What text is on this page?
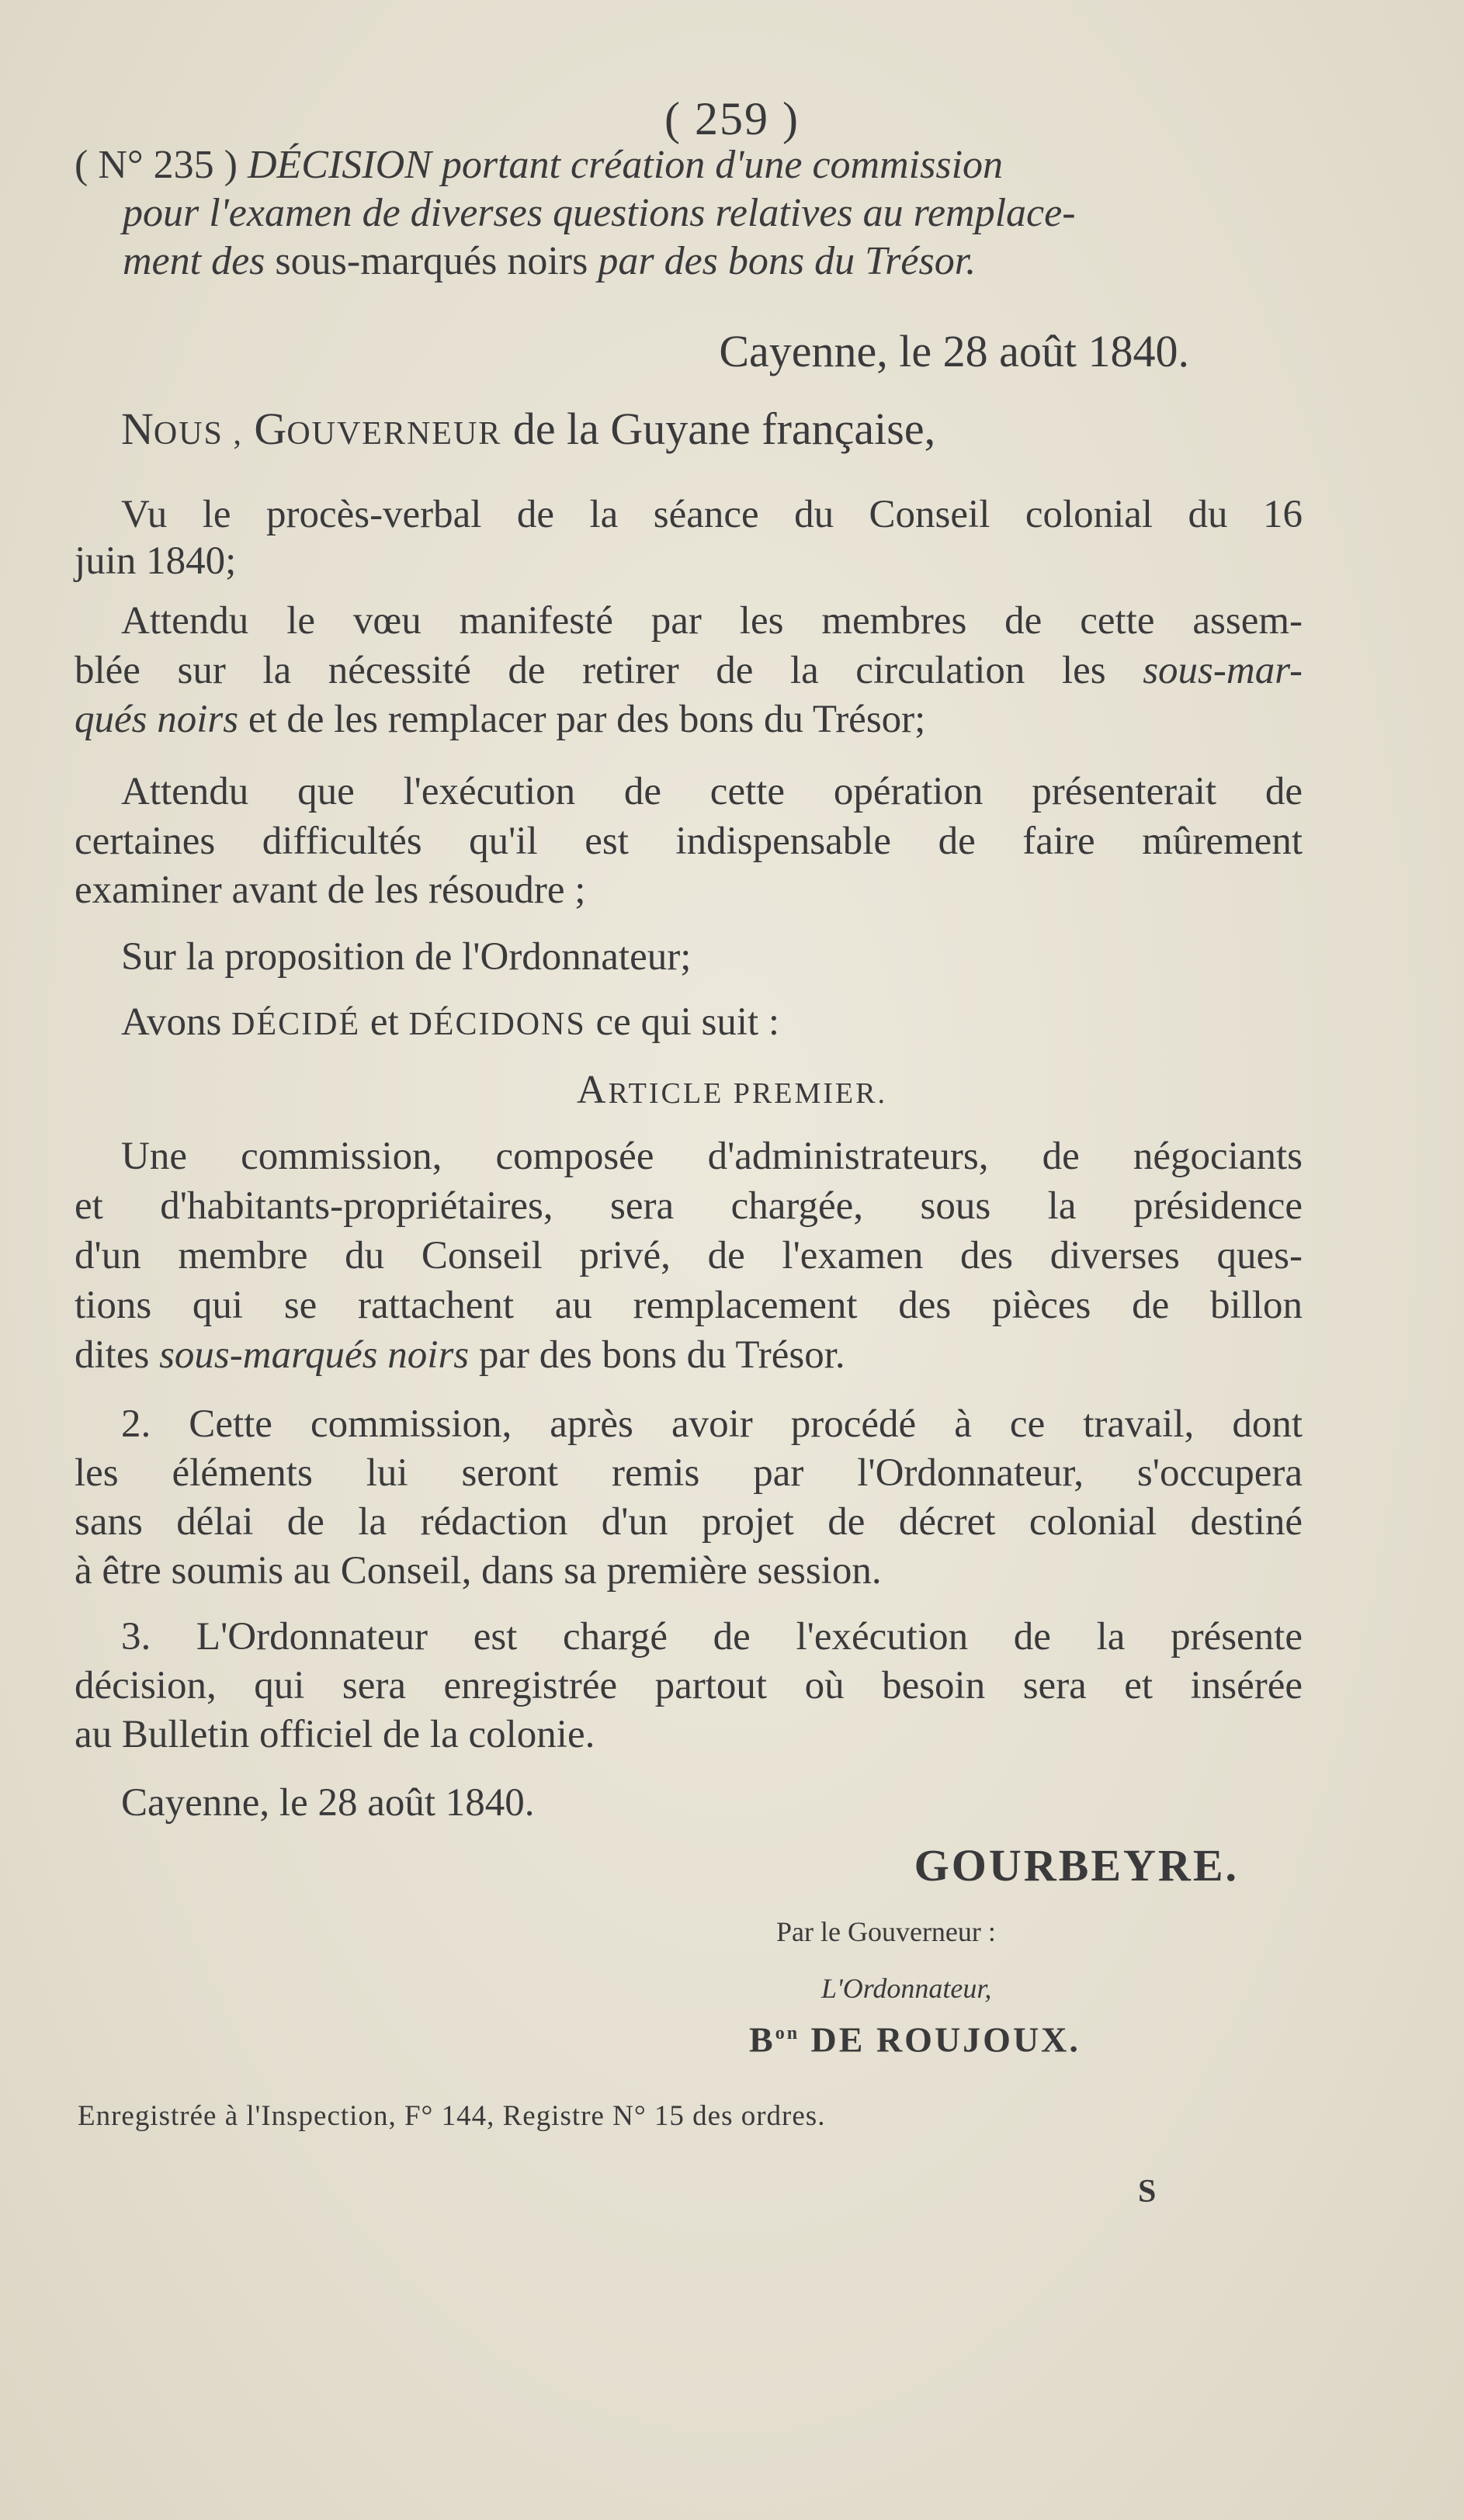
( 259 )
( N° 235 ) DÉCISION portant création d'une commission
pour l'examen de diverses questions relatives au remplace-
ment des sous-marqués noirs par des bons du Trésor.
Cayenne, le 28 août 1840.
NOUS , GOUVERNEUR de la Guyane française,
Vu le procès-verbal de la séance du Conseil colonial du 16
juin 1840;
Attendu le vœu manifesté par les membres de cette assem-
blée sur la nécessité de retirer de la circulation les sous-mar-
qués noirs et de les remplacer par des bons du Trésor;
Attendu que l'exécution de cette opération présenterait de
certaines difficultés qu'il est indispensable de faire mûrement
examiner avant de les résoudre ;
Sur la proposition de l'Ordonnateur;
Avons DÉCIDÉ et DÉCIDONS ce qui suit :
ARTICLE PREMIER.
Une commission, composée d'administrateurs, de négociants
et d'habitants-propriétaires, sera chargée, sous la présidence
d'un membre du Conseil privé, de l'examen des diverses ques-
tions qui se rattachent au remplacement des pièces de billon
dites sous-marqués noirs par des bons du Trésor.
2. Cette commission, après avoir procédé à ce travail, dont
les éléments lui seront remis par l'Ordonnateur, s'occupera
sans délai de la rédaction d'un projet de décret colonial destiné
à être soumis au Conseil, dans sa première session.
3. L'Ordonnateur est chargé de l'exécution de la présente
décision, qui sera enregistrée partout où besoin sera et insérée
au Bulletin officiel de la colonie.
Cayenne, le 28 août 1840.
GOURBEYRE.
Par le Gouverneur :
L'Ordonnateur,
$B^{on}$ DE ROUJOUX.
Enregistrée à l'Inspection, F° 144, Registre N° 15 des ordres.
S
